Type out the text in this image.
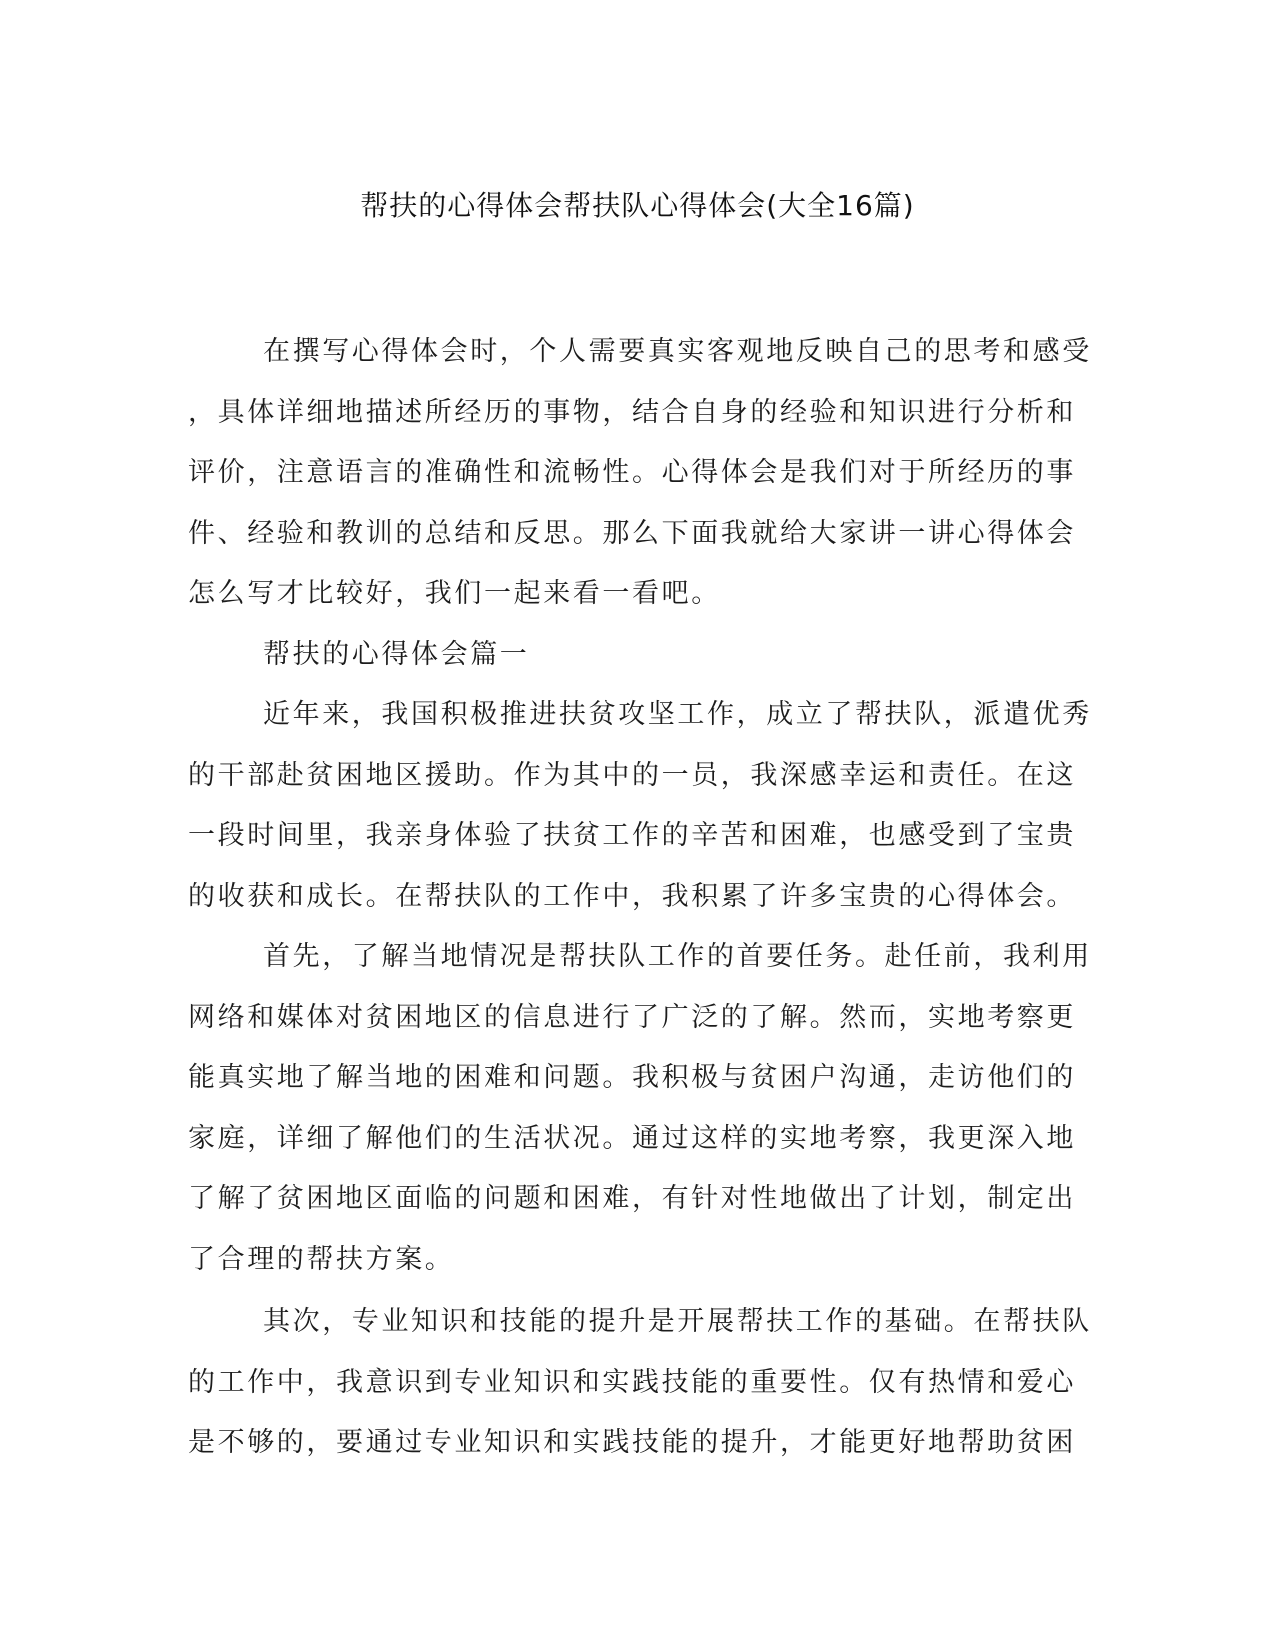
帮扶的心得体会帮扶队心得体会(大全16篇)
在撰写心得体会时，个人需要真实客观地反映自己的思考和感受
，具体详细地描述所经历的事物，结合自身的经验和知识进行分析和
评价，注意语言的准确性和流畅性。心得体会是我们对于所经历的事
件、经验和教训的总结和反思。那么下面我就给大家讲一讲心得体会
怎么写才比较好，我们一起来看一看吧。
帮扶的心得体会篇一
近年来，我国积极推进扶贫攻坚工作，成立了帮扶队，派遣优秀
的干部赴贫困地区援助。作为其中的一员，我深感幸运和责任。在这
一段时间里，我亲身体验了扶贫工作的辛苦和困难，也感受到了宝贵
的收获和成长。在帮扶队的工作中，我积累了许多宝贵的心得体会。
首先，了解当地情况是帮扶队工作的首要任务。赴任前，我利用
网络和媒体对贫困地区的信息进行了广泛的了解。然而，实地考察更
能真实地了解当地的困难和问题。我积极与贫困户沟通，走访他们的
家庭，详细了解他们的生活状况。通过这样的实地考察，我更深入地
了解了贫困地区面临的问题和困难，有针对性地做出了计划，制定出
了合理的帮扶方案。
其次，专业知识和技能的提升是开展帮扶工作的基础。在帮扶队
的工作中，我意识到专业知识和实践技能的重要性。仅有热情和爱心
是不够的，要通过专业知识和实践技能的提升，才能更好地帮助贫困
